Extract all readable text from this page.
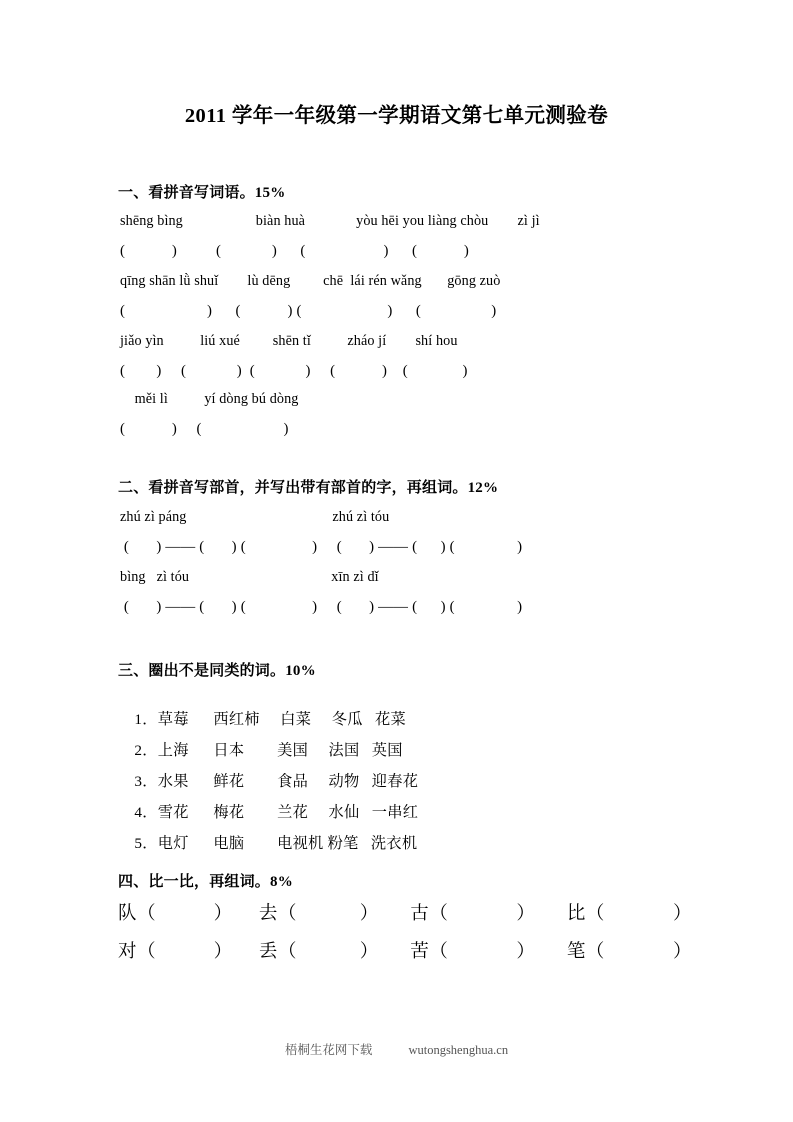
2011 学年一年级第一学期语文第七单元测验卷
一、看拼音写词语。15%
shēng bìng                    biàn huà              yòu hēi you liàng chòu        zì jì
(            )          (             )      (                    )      (            )
qīng shān lǜ shuǐ        lù dēng         chē  lái rén wǎng       gōng zuò
(                     )      (            ) (                      )      (                  )
jiǎo yìn          liú xué         shēn tǐ          zháo jí        shí hou
(        )     (             )  (             )     (            )    (              )
měi lì          yí dòng bú dòng
(            )     (                     )
二、看拼音写部首，并写出带有部首的字，再组词。12%
zhú zì páng                                        zhú zì tóu
(       ) —— (       ) (                 )     (       ) —— (      ) (                )
bìng   zì tóu                                       xīn zì dǐ
(       ) —— (       ) (                 )     (       ) —— (      ) (                )
三、圈出不是同类的词。10%

1．草莓      西红柿     白菜     冬瓜   花菜

2．上海      日本        美国     法国   英国

3．水果      鲜花        食品     动物   迎春花

4．雪花      梅花        兰花     水仙   一串红

5．电灯      电脑        电视机 粉笔   洗衣机

四、比一比，再组词。8%
队（           ）     去（            ）      古（             ）      比（             ）
对（           ）     丢（            ）      苦（             ）      笔（             ）
梧桐生花网下载	wutongshenghua.cn
